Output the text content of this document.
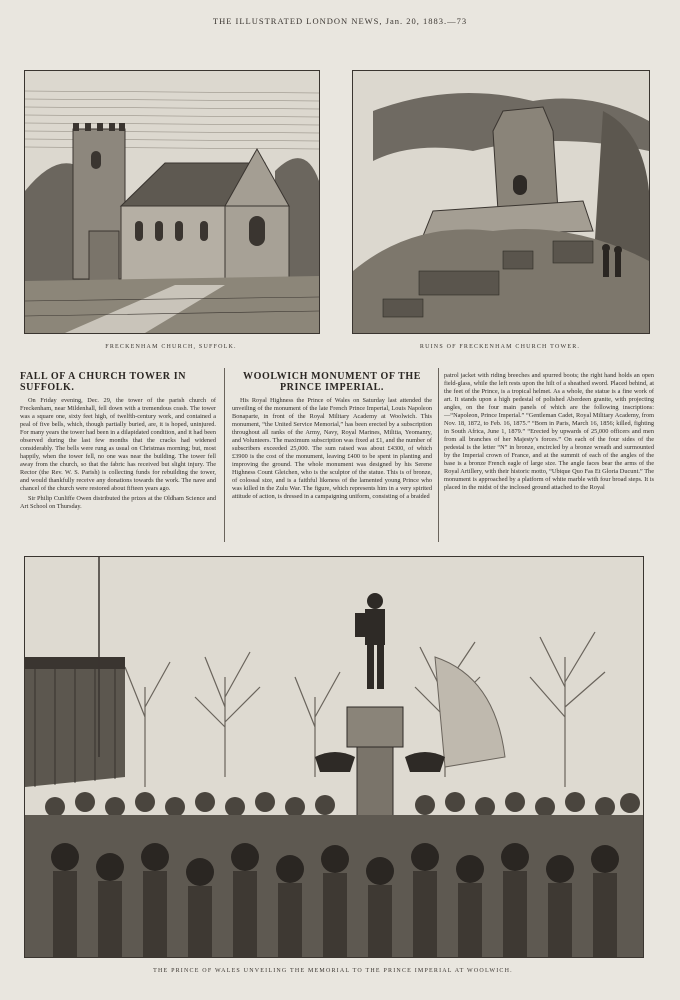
THE ILLUSTRATED LONDON NEWS, Jan. 20, 1883.—73
FRECKENHAM CHURCH, SUFFOLK.	RUINS OF FRECKENHAM CHURCH TOWER.
FALL OF A CHURCH TOWER IN SUFFOLK.

On Friday evening, Dec. 29, the tower of the parish church of Freckenham, near Mildenhall, fell down with a tremendous crash. The tower was a square one, sixty feet high, of twelfth-century work, and contained a peal of five bells, which, though partially buried, are, it is hoped, uninjured. For many years the tower had been in a dilapidated condition, and it had been observed during the last few months that the cracks had widened considerably. The bells were rung as usual on Christmas morning; but, most happily, when the tower fell, no one was near the building. The tower fell away from the church, so that the fabric has received but slight injury. The Rector (the Rev. W. S. Parish) is collecting funds for rebuilding the tower, and would thankfully receive any donations towards the work. The nave and chancel of the church were restored about fifteen years ago.

Sir Philip Cunliffe Owen distributed the prizes at the Oldham Science and Art School on Thursday.

WOOLWICH MONUMENT OF THE PRINCE IMPERIAL.

His Royal Highness the Prince of Wales on Saturday last attended the unveiling of the monument of the late French Prince Imperial, Louis Napoleon Bonaparte, in front of the Royal Military Academy at Woolwich. This monument, “the United Service Memorial,” has been erected by a subscription throughout all ranks of the Army, Navy, Royal Marines, Militia, Yeomanry, and Volunteers. The maximum subscription was fixed at £1, and the number of subscribers exceeded 25,000. The sum raised was about £4300, of which £3900 is the cost of the monument, leaving £400 to be spent in planting and improving the ground. The whole monument was designed by his Serene Highness Count Gleichen, who is the sculptor of the statue. This is of bronze, of colossal size, and is a faithful likeness of the lamented young Prince who was killed in the Zulu War. The figure, which represents him in a very spirited attitude of action, is dressed in a campaigning uniform, consisting of a braided

patrol jacket with riding breeches and spurred boots; the right hand holds an open field-glass, while the left rests upon the hilt of a sheathed sword. Placed behind, at the feet of the Prince, is a tropical helmet. As a whole, the statue is a fine work of art. It stands upon a high pedestal of polished Aberdeen granite, with projecting angles, on the four main panels of which are the following inscriptions:—“Napoleon, Prince Imperial.” “Gentleman Cadet, Royal Military Academy, from Nov. 18, 1872, to Feb. 16, 1875.” “Born in Paris, March 16, 1856; killed, fighting in South Africa, June 1, 1879.” “Erected by upwards of 25,000 officers and men from all branches of her Majesty’s forces.” On each of the four sides of the pedestal is the letter “N” in bronze, encircled by a bronze wreath and surmounted by the Imperial crown of France, and at the summit of each of the angles of the base is a bronze French eagle of large size. The angle faces bear the arms of the Royal Artillery, with their historic motto, “Ubique Quo Fas Et Gloria Ducunt.” The monument is approached by a platform of white marble with four broad steps. It is placed in the midst of the inclosed ground attached to the Royal

THE PRINCE OF WALES UNVEILING THE MEMORIAL TO THE PRINCE IMPERIAL AT WOOLWICH.
